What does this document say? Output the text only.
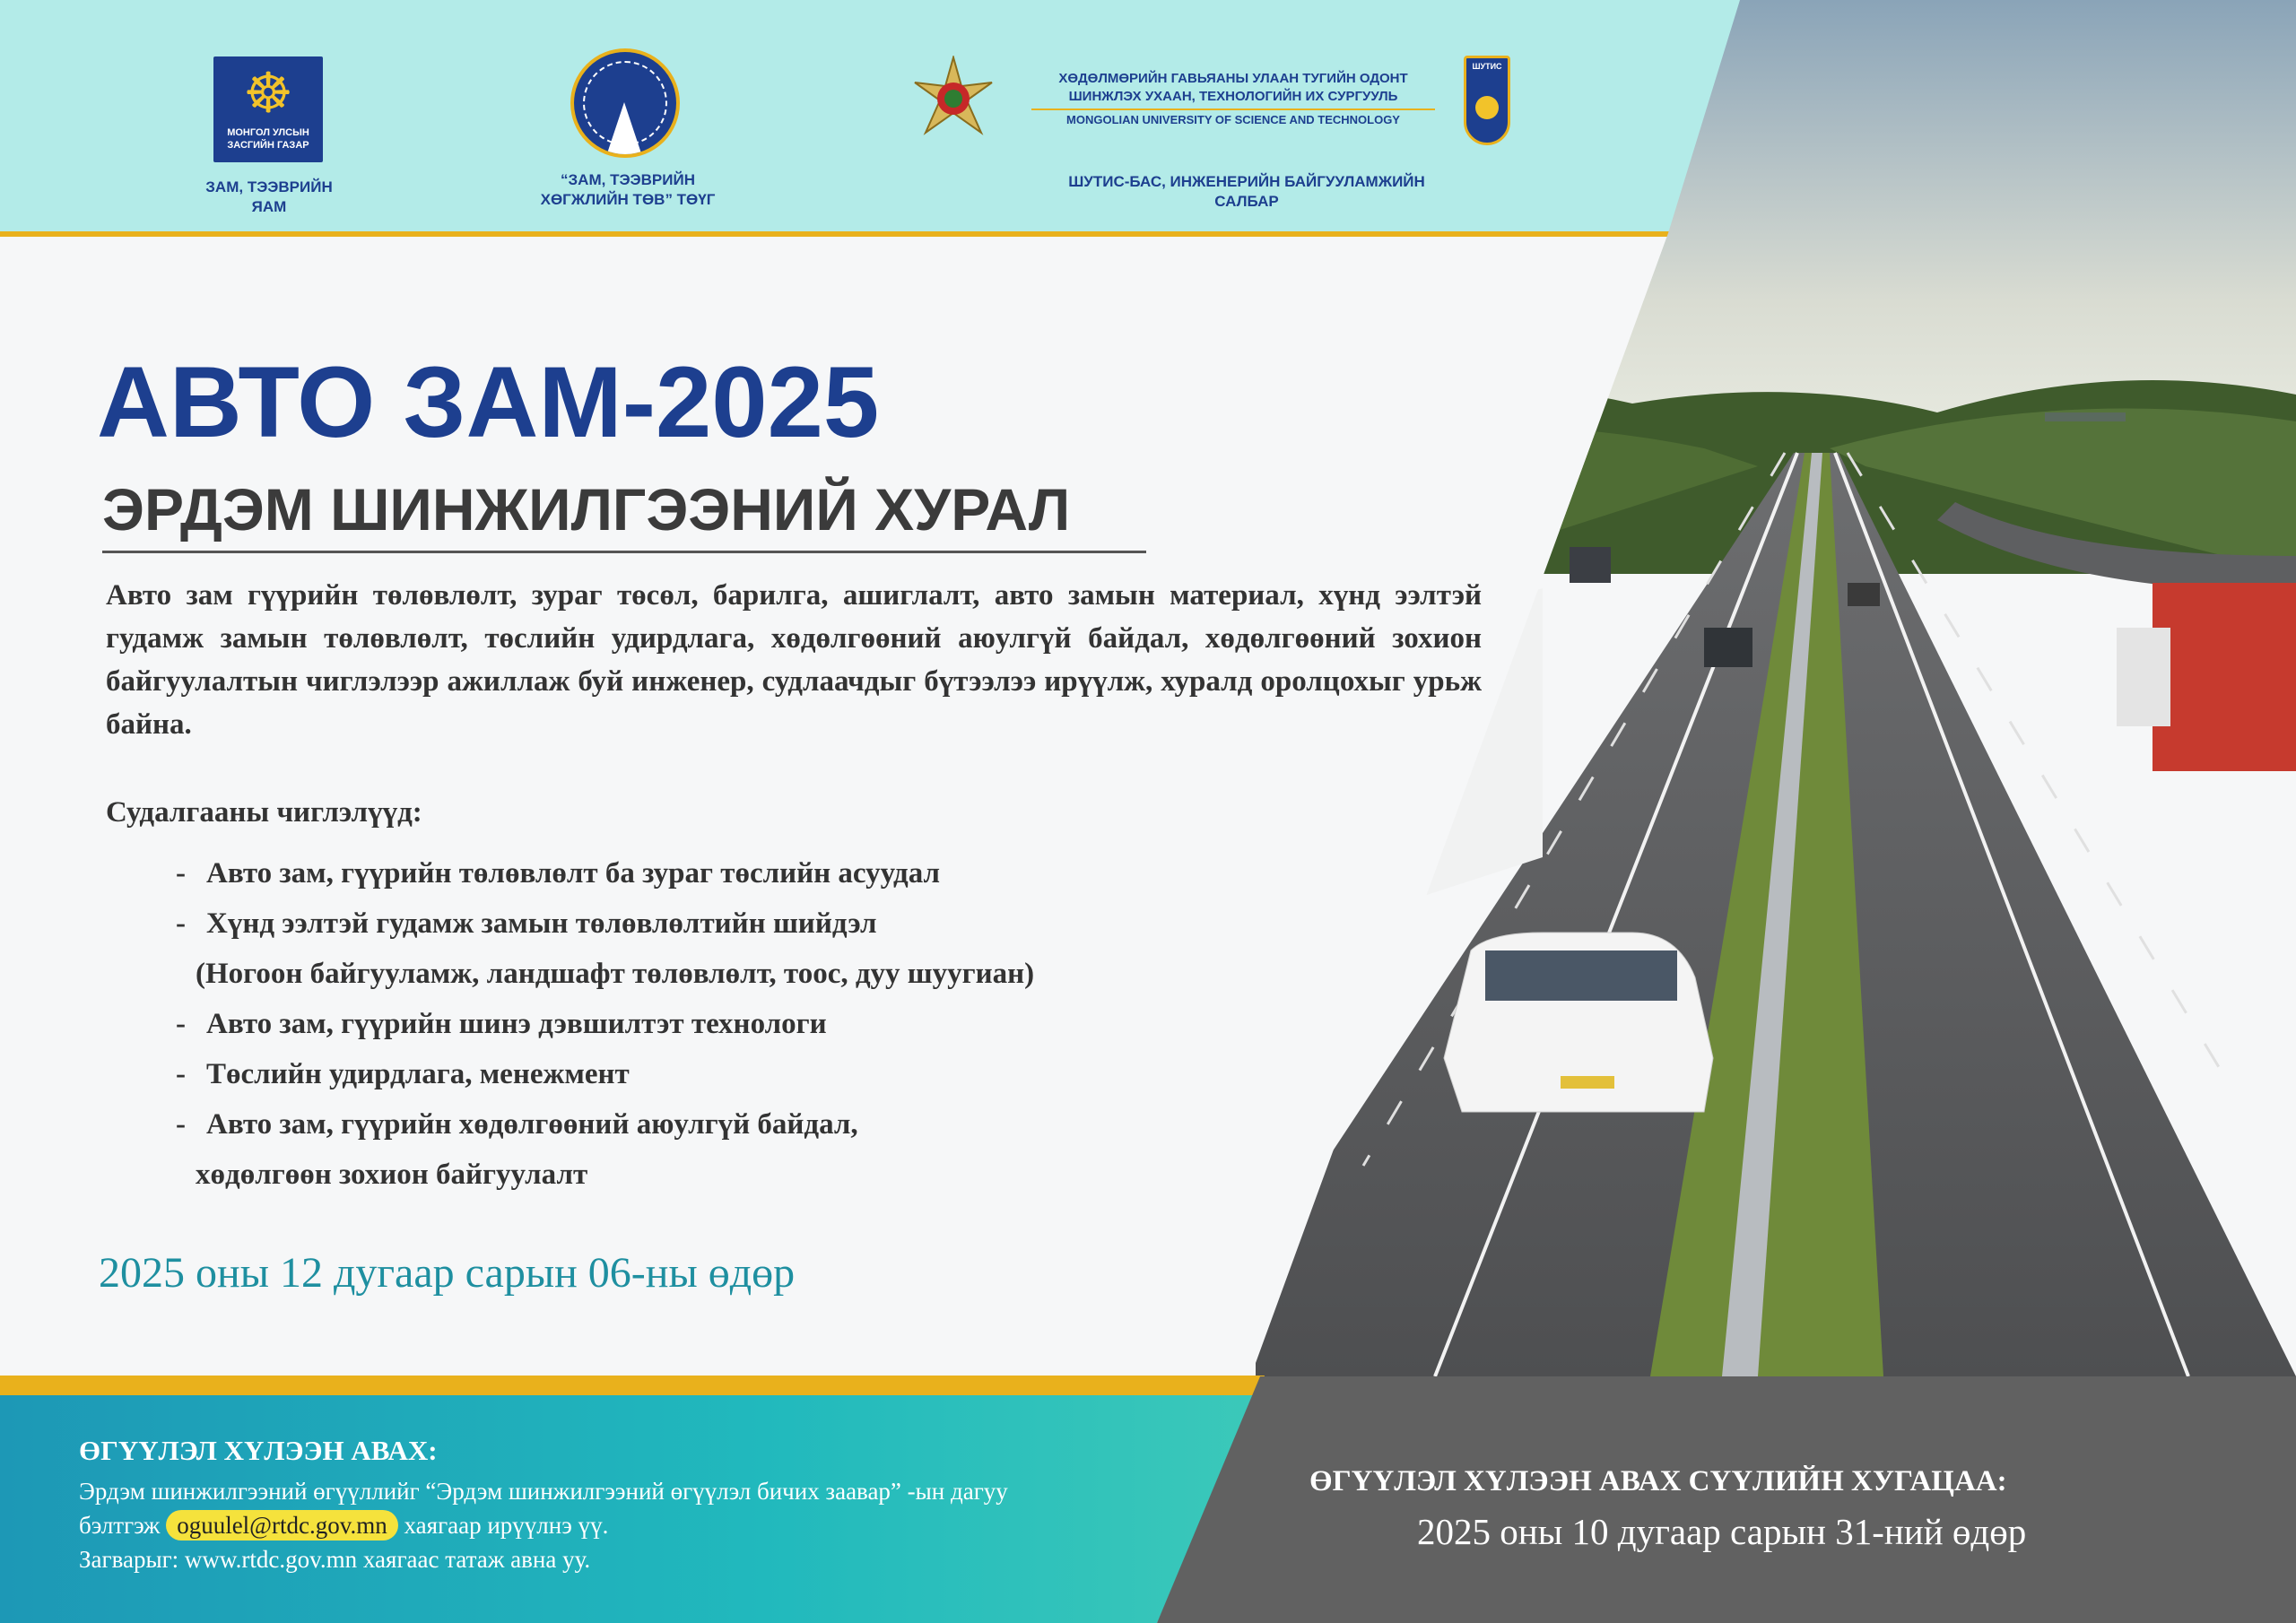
☸
МОНГОЛ УЛСЫН ЗАСГИЙН ГАЗАР
ЗАМ, ТЭЭВРИЙН
ЯАМ
“ЗАМ, ТЭЭВРИЙН
ХӨГЖЛИЙН ТӨВ” ТӨҮГ
ХӨДӨЛМӨРИЙН ГАВЬЯАНЫ УЛААН ТУГИЙН ОДОНТ
ШИНЖЛЭХ УХААН, ТЕХНОЛОГИЙН ИХ СУРГУУЛЬ
MONGOLIAN UNIVERSITY OF SCIENCE AND TECHNOLOGY
ШУТИС
ШУТИС-БАС, ИНЖЕНЕРИЙН БАЙГУУЛАМЖИЙН
САЛБАР
АВТО ЗАМ-2025
ЭРДЭМ ШИНЖИЛГЭЭНИЙ ХУРАЛ
Авто зам гүүрийн төлөвлөлт, зураг төсөл, барилга, ашиглалт, авто замын материал, хүнд ээлтэй гудамж замын төлөвлөлт, төслийн удирдлага, хөдөлгөөний аюулгүй байдал, хөдөлгөөний зохион байгуулалтын чиглэлээр ажиллаж буй инженер, судлаачдыг бүтээлээ ирүүлж, хуралд оролцохыг урьж байна.
Судалгааны чиглэлүүд:
- Авто зам, гүүрийн төлөвлөлт ба зураг төслийн асуудал
- Хүнд ээлтэй гудамж замын төлөвлөлтийн шийдэл
(Ногоон байгууламж, ландшафт төлөвлөлт, тоос, дуу шуугиан)
- Авто зам, гүүрийн шинэ дэвшилтэт технологи
- Төслийн удирдлага, менежмент
- Авто зам, гүүрийн хөдөлгөөний аюулгүй байдал,
хөдөлгөөн зохион байгуулалт
2025 оны 12 дугаар сарын 06-ны өдөр
ӨГҮҮЛЭЛ ХҮЛЭЭН АВАХ:
Эрдэм шинжилгээний өгүүллийг “Эрдэм шинжилгээний өгүүлэл бичих заавар” -ын дагуу
бэлтгэж oguulel@rtdc.gov.mn хаягаар ирүүлнэ үү.
Загварыг: www.rtdc.gov.mn хаягаас татаж авна уу.
ӨГҮҮЛЭЛ ХҮЛЭЭН АВАХ СҮҮЛИЙН ХУГАЦАА:
2025 оны 10 дугаар сарын 31-ний өдөр
